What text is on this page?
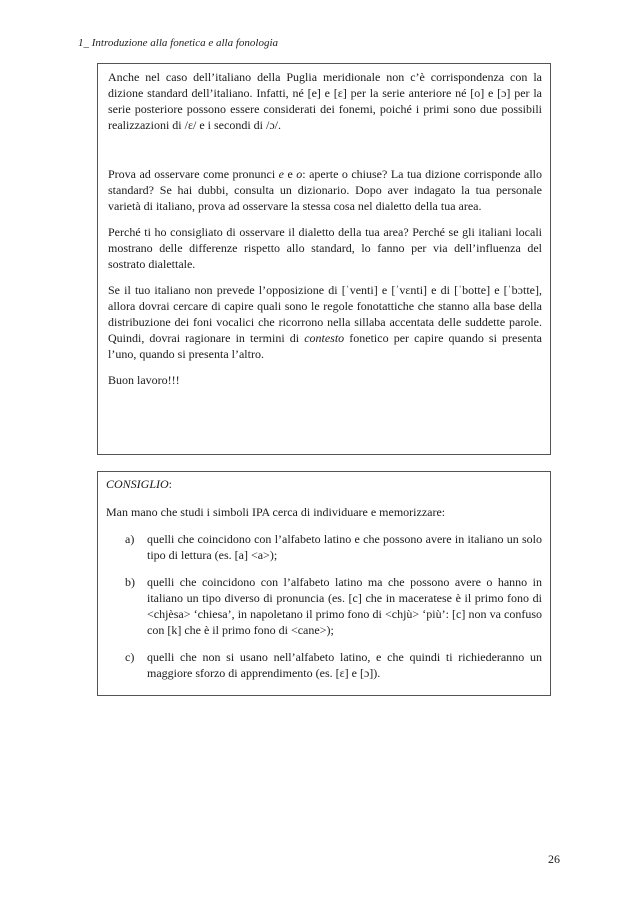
1_ Introduzione alla fonetica e alla fonologia

Anche nel caso dell’italiano della Puglia meridionale non c’è corrispondenza con la dizione standard dell’italiano. Infatti, né [e] e [ɛ] per la serie anteriore né [o] e [ɔ] per la serie posteriore possono essere considerati dei fonemi, poiché i primi sono due possibili realizzazioni di /ɛ/ e i secondi di /ɔ/.

Prova ad osservare come pronunci e e o: aperte o chiuse? La tua dizione corrisponde allo standard? Se hai dubbi, consulta un dizionario. Dopo aver indagato la tua personale varietà di italiano, prova ad osservare la stessa cosa nel dialetto della tua area.

Perché ti ho consigliato di osservare il dialetto della tua area? Perché se gli italiani locali mostrano delle differenze rispetto allo standard, lo fanno per via dell’influenza del sostrato dialettale.

Se il tuo italiano non prevede l’opposizione di [ˈventi] e [ˈvɛnti] e di [ˈbotte] e [ˈbɔtte], allora dovrai cercare di capire quali sono le regole fonotattiche che stanno alla base della distribuzione dei foni vocalici che ricorrono nella sillaba accentata delle suddette parole. Quindi, dovrai ragionare in termini di contesto fonetico per capire quando si presenta l’uno, quando si presenta l’altro.

Buon lavoro!!!

CONSIGLIO:

Man mano che studi i simboli IPA cerca di individuare e memorizzare:

a)	quelli che coincidono con l’alfabeto latino e che possono avere in italiano un solo tipo di lettura (es. [a] <a>);
b)	quelli che coincidono con l’alfabeto latino ma che possono avere o hanno in italiano un tipo diverso di pronuncia (es. [c] che in maceratese è il primo fono di <chjèsa> ‘chiesa’, in napoletano il primo fono di <chjù> ‘più’: [c] non va confuso con [k] che è il primo fono di <cane>);
c)	quelli che non si usano nell’alfabeto latino, e che quindi ti richiederanno un maggiore sforzo di apprendimento (es. [ɛ] e [ɔ]).
26
